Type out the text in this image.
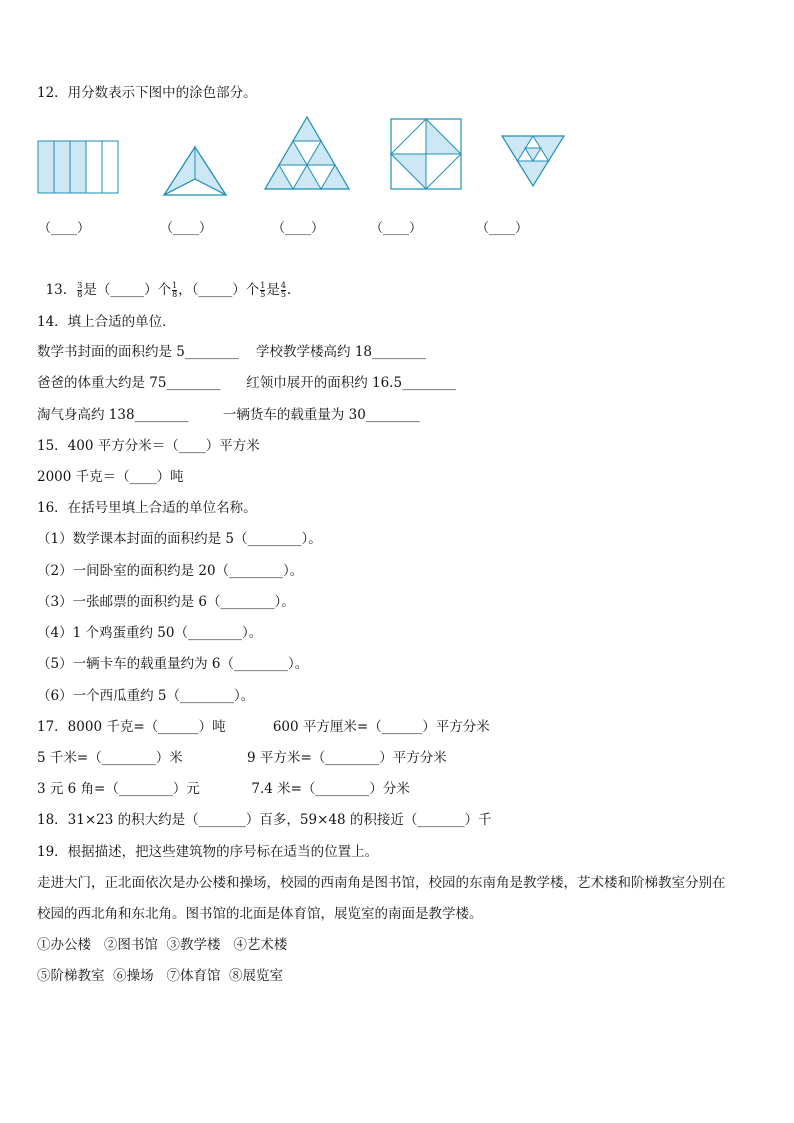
12．用分数表示下图中的涂色部分。
（____）	（____）	（____）	（____）	（____）

13． $\frac{3}{8}$ 是（_____）个 $\frac{1}{8}$ ，（_____）个 $\frac{1}{5}$ 是 $\frac{4}{5}$ .

14．填上合适的单位．
数学书封面的面积约是 5________    学校教学楼高约 18________
爸爸的体重大约是 75________      红领巾展开的面积约 16.5________
淘气身高约 138________        一辆货车的载重量为 30________
15．400 平方分米＝（____）平方米
2000 千克＝（____）吨
16．在括号里填上合适的单位名称。
（1）数学课本封面的面积约是 5（________）。
（2）一间卧室的面积约是 20（________）。
（3）一张邮票的面积约是 6（________）。
（4）1 个鸡蛋重约 50（________）。
（5）一辆卡车的载重量约为 6（________）。
（6）一个西瓜重约 5（________）。
17．8000 千克=（______）吨           600 平方厘米=（______）平方分米
5 千米=（________）米               9 平方米=（________）平方分米
3 元 6 角=（________）元            7.4 米=（________）分米
18．31×23 的积大约是（_______）百多，59×48 的积接近（_______）千
19．根据描述，把这些建筑物的序号标在适当的位置上。
走进大门，正北面依次是办公楼和操场，校园的西南角是图书馆，校园的东南角是教学楼，艺术楼和阶梯教室分别在
校园的西北角和东北角。图书馆的北面是体育馆，展览室的南面是教学楼。
①办公楼   ②图书馆  ③教学楼   ④艺术楼
⑤阶梯教室  ⑥操场   ⑦体育馆  ⑧展览室
